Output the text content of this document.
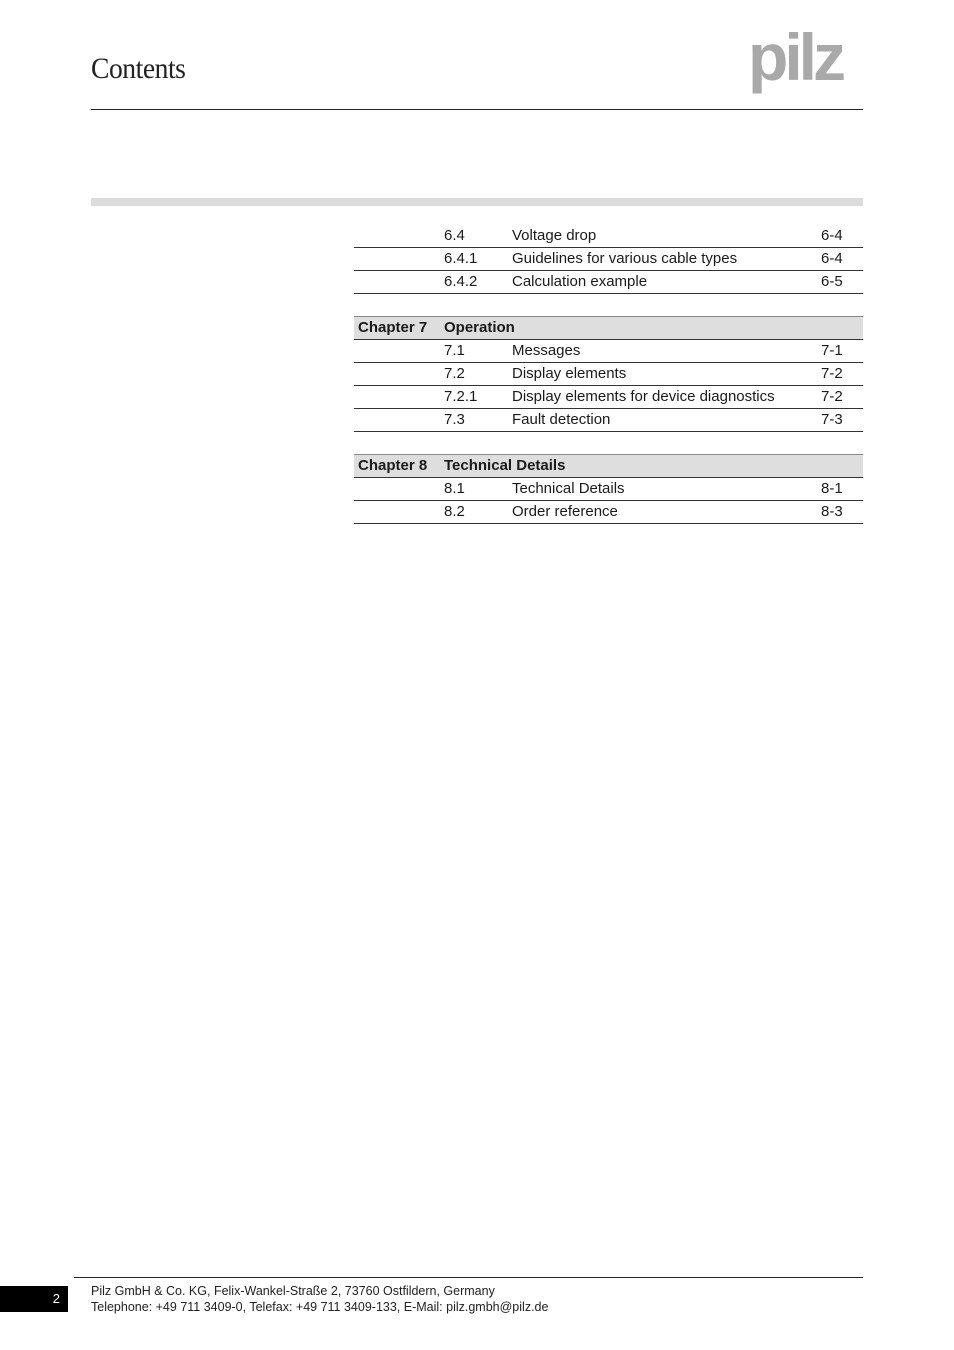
Contents	pilz
6.4	Voltage drop	6-4
6.4.1 Guidelines for various cable types	6-4
6.4.2 Calculation example	6-5
Chapter 7 Operation
7.1	Messages	7-1
7.2	Display elements	7-2
7.2.1 Display elements for device diagnostics	7-2
7.3	Fault detection	7-3
Chapter 8 Technical Details
8.1	Technical Details	8-1
8.2	Order reference	8-3
2	Pilz GmbH & Co. KG, Felix-Wankel-Straße 2, 73760 Ostfildern, Germany
Telephone: +49 711 3409-0, Telefax: +49 711 3409-133, E-Mail: pilz.gmbh@pilz.de
